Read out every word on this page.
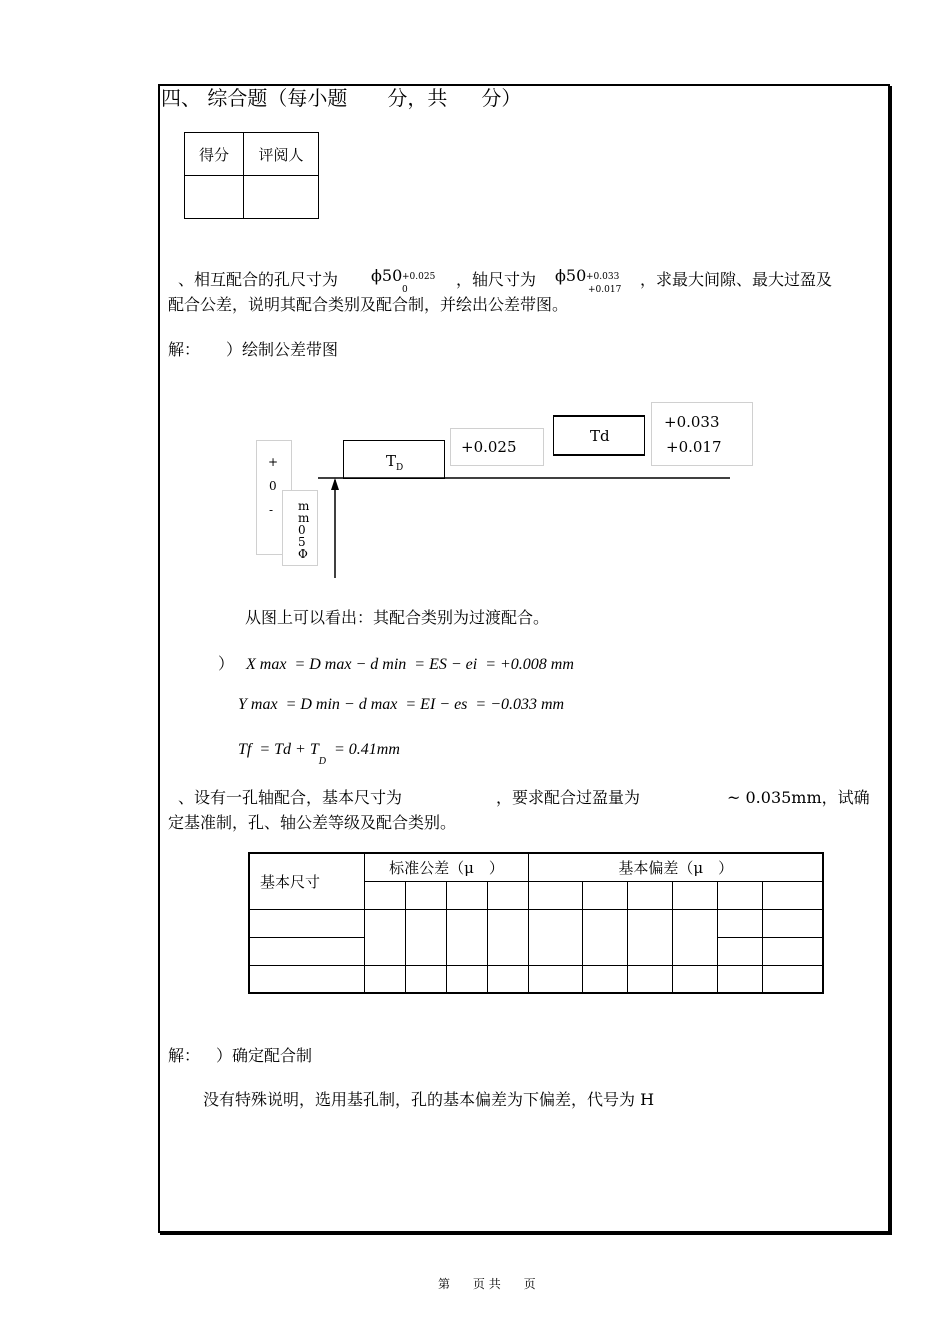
四、 综合题（每小题 分，共 分）
得分	评阅人

、相互配合的孔尺寸为 ϕ50 +0.025
0
，轴尺寸为 ϕ50 +0.033
+0.017
，求最大间隙、最大过盈及
配合公差，说明其配合类别及配合制，并绘出公差带图。
解： ）绘制公差带图
+
0
- m
m
0
5
Φ
$T_D$
+0.025
Td
+0.033
+0.017
从图上可以看出：其配合类别为过渡配合。
） X max = D max − d min = ES − ei = +0.008 mm
Y max = D min − d max = EI − es = −0.033 mm
$Tf = Td + T_D = 0.41mm$
、设有一孔轴配合，基本尺寸为	，要求配合过盈量为	~ 0.035mm，试确
定基准制，孔、轴公差等级及配合类别。
基本尺寸	标准公差（μ　）				基本偏差（μ　）					

解： ）确定配合制
没有特殊说明，选用基孔制，孔的基本偏差为下偏差，代号为 H
第 页 共 页
